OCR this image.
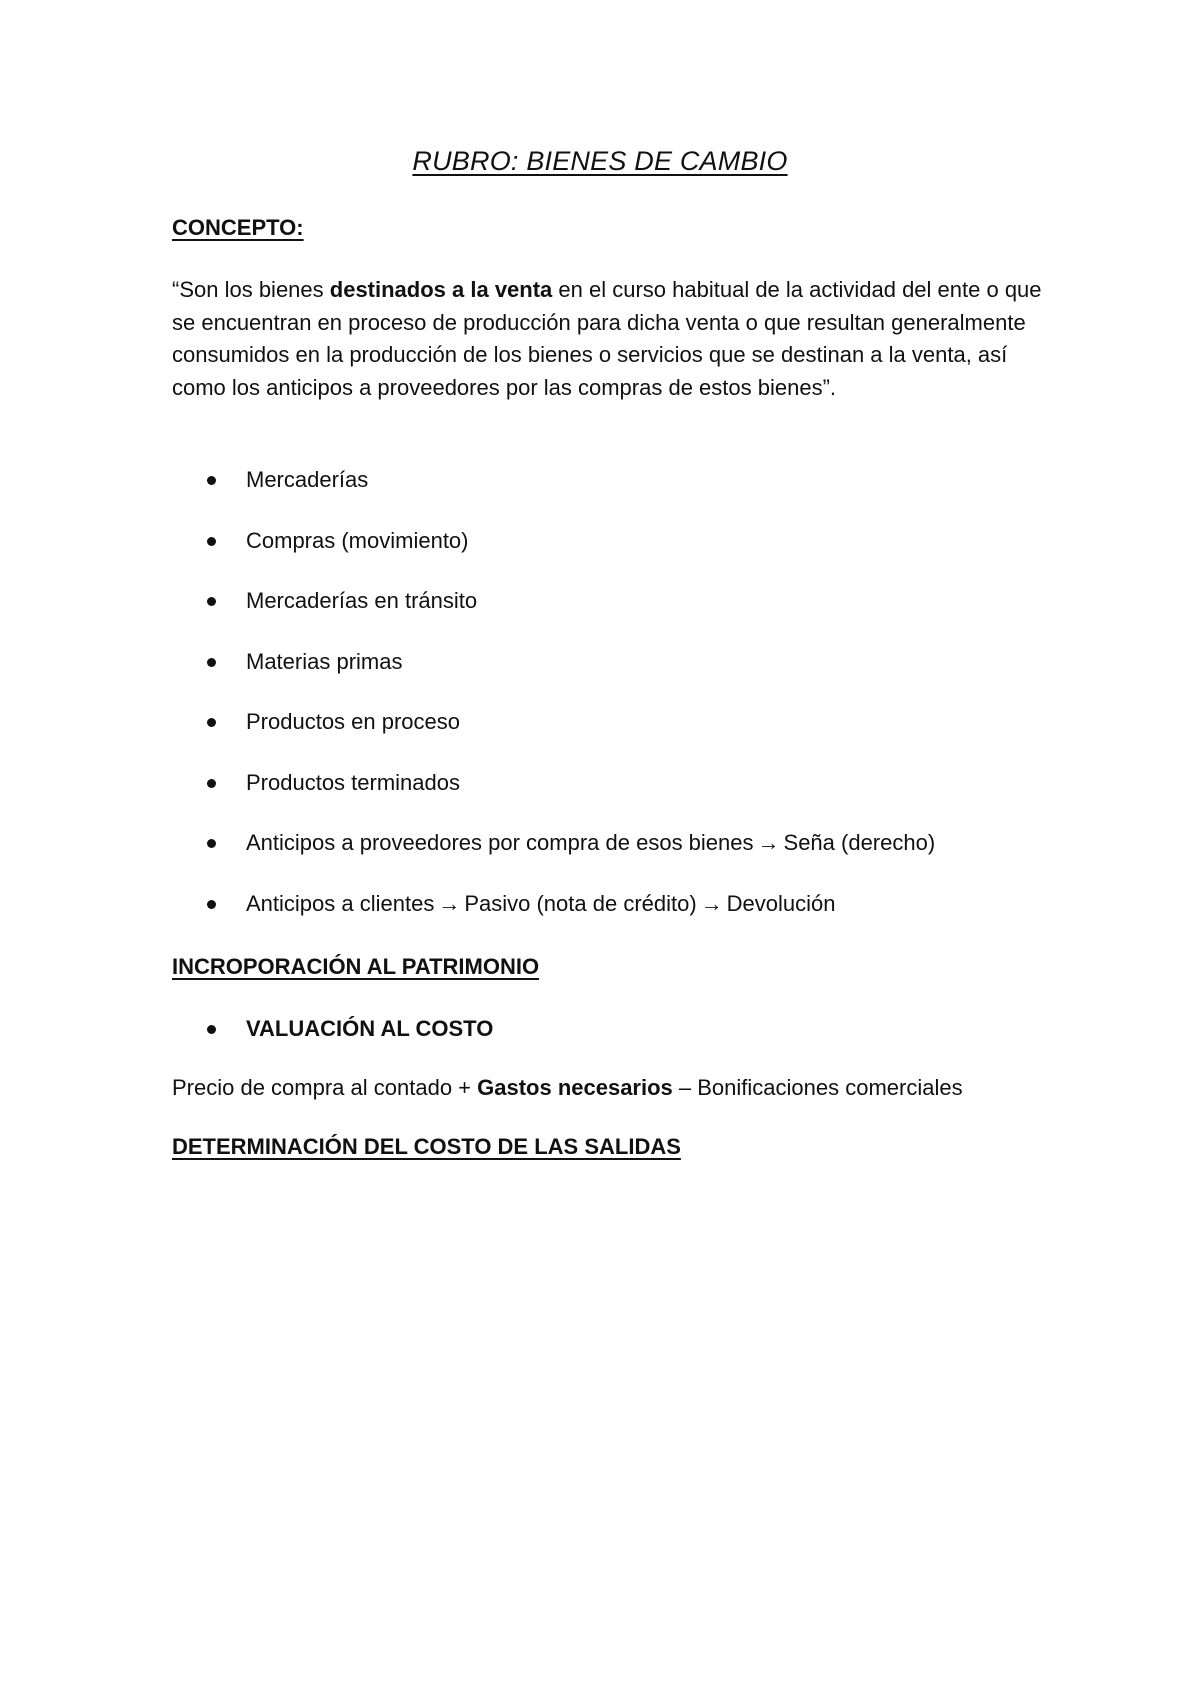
RUBRO: BIENES DE CAMBIO
CONCEPTO:
“Son los bienes destinados a la venta en el curso habitual de la actividad del ente o que se encuentran en proceso de producción para dicha venta o que resultan generalmente consumidos en la producción de los bienes o servicios que se destinan a la venta, así como los anticipos a proveedores por las compras de estos bienes”.
Mercaderías
Compras (movimiento)
Mercaderías en tránsito
Materias primas
Productos en proceso
Productos terminados
Anticipos a proveedores por compra de esos bienes → Seña (derecho)
Anticipos a clientes → Pasivo (nota de crédito) → Devolución
INCROPORACIÓN AL PATRIMONIO
VALUACIÓN AL COSTO
Precio de compra al contado + Gastos necesarios – Bonificaciones comerciales
DETERMINACIÓN DEL COSTO DE LAS SALIDAS
